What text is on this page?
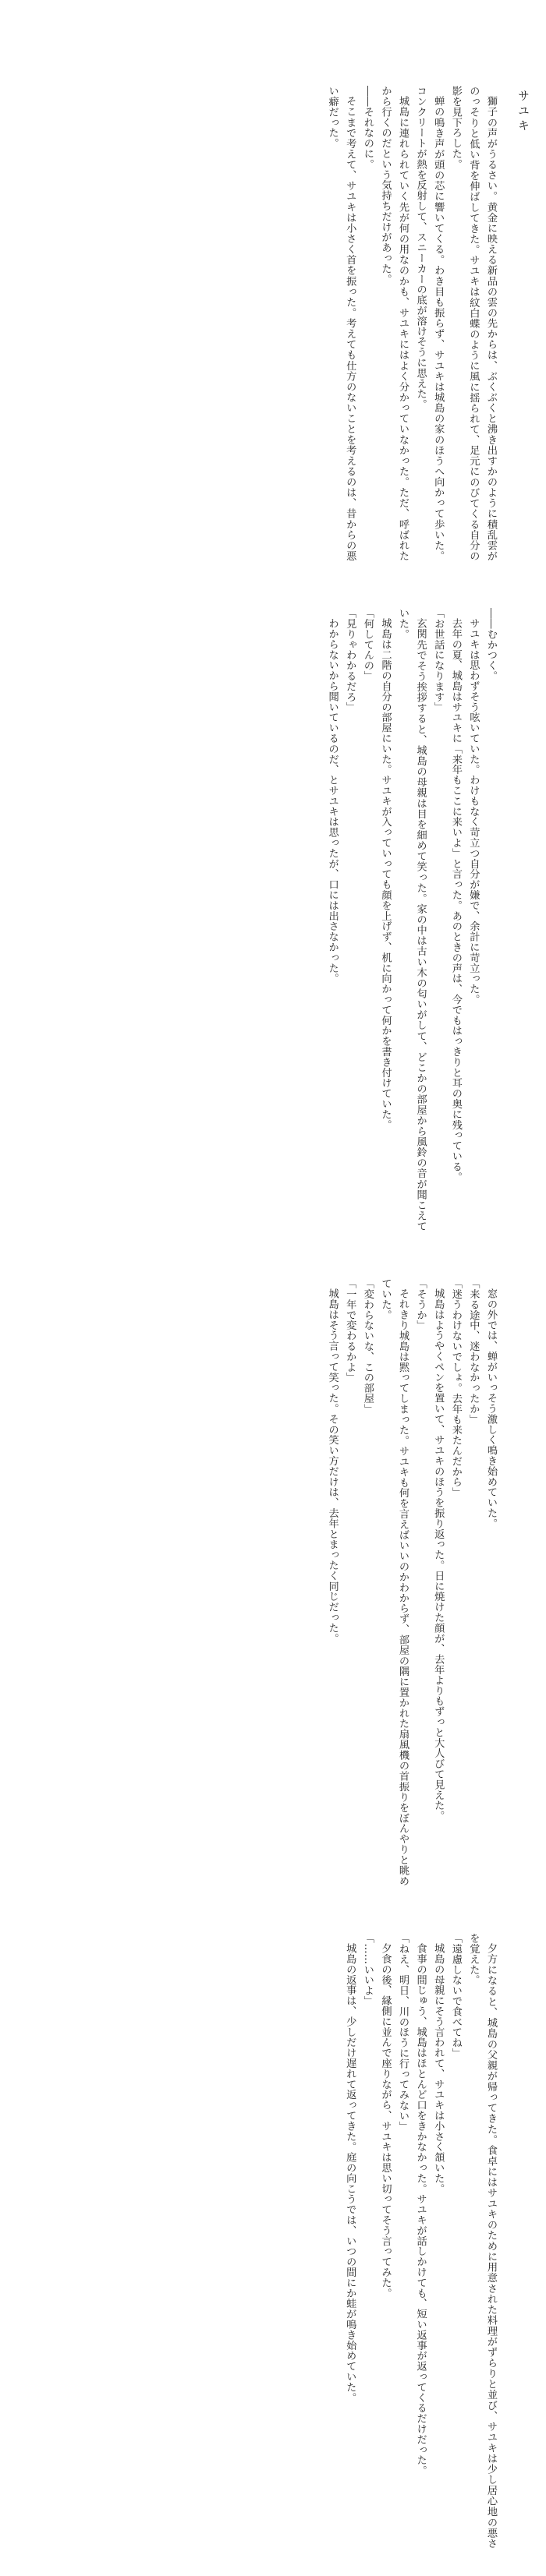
サユキ

獅子の声がうるさい。黄金に映える新品の雲の先からは、ぶくぶくと沸き出すかのように積乱雲がのっそりと低い背を伸ばしてきた。サユキは紋白蝶のように風に揺られて、足元にのびてくる自分の影を見下ろした。

蝉の鳴き声が頭の芯に響いてくる。わき目も振らず、サユキは城島の家のほうへ向かって歩いた。コンクリートが熱を反射して、スニーカーの底が溶けそうに思えた。

城島に連れられていく先が何の用なのかも、サユキにはよく分かっていなかった。ただ、呼ばれたから行くのだという気持ちだけがあった。

――それなのに。

そこまで考えて、サユキは小さく首を振った。考えても仕方のないことを考えるのは、昔からの悪い癖だった。

――むかつく。

サユキは思わずそう呟いていた。わけもなく苛立つ自分が嫌で、余計に苛立った。

去年の夏、城島はサユキに「来年もここに来いよ」と言った。あのときの声は、今でもはっきりと耳の奥に残っている。

「お世話になります」

玄関先でそう挨拶すると、城島の母親は目を細めて笑った。家の中は古い木の匂いがして、どこかの部屋から風鈴の音が聞こえていた。

城島は二階の自分の部屋にいた。サユキが入っていっても顔を上げず、机に向かって何かを書き付けていた。

「何してんの」

「見りゃわかるだろ」

わからないから聞いているのだ、とサユキは思ったが、口には出さなかった。

窓の外では、蝉がいっそう激しく鳴き始めていた。

「来る途中、迷わなかったか」

「迷うわけないでしょ。去年も来たんだから」

城島はようやくペンを置いて、サユキのほうを振り返った。日に焼けた顔が、去年よりもずっと大人びて見えた。

「そうか」

それきり城島は黙ってしまった。サユキも何を言えばいいのかわからず、部屋の隅に置かれた扇風機の首振りをぼんやりと眺めていた。

「変わらないな、この部屋」

「一年で変わるかよ」

城島はそう言って笑った。その笑い方だけは、去年とまったく同じだった。

夕方になると、城島の父親が帰ってきた。食卓にはサユキのために用意された料理がずらりと並び、サユキは少し居心地の悪さを覚えた。

「遠慮しないで食べてね」

城島の母親にそう言われて、サユキは小さく頷いた。

食事の間じゅう、城島はほとんど口をきかなかった。サユキが話しかけても、短い返事が返ってくるだけだった。

「ねえ、明日、川のほうに行ってみない」

夕食の後、縁側に並んで座りながら、サユキは思い切ってそう言ってみた。

「……いいよ」

城島の返事は、少しだけ遅れて返ってきた。庭の向こうでは、いつの間にか蛙が鳴き始めていた。
